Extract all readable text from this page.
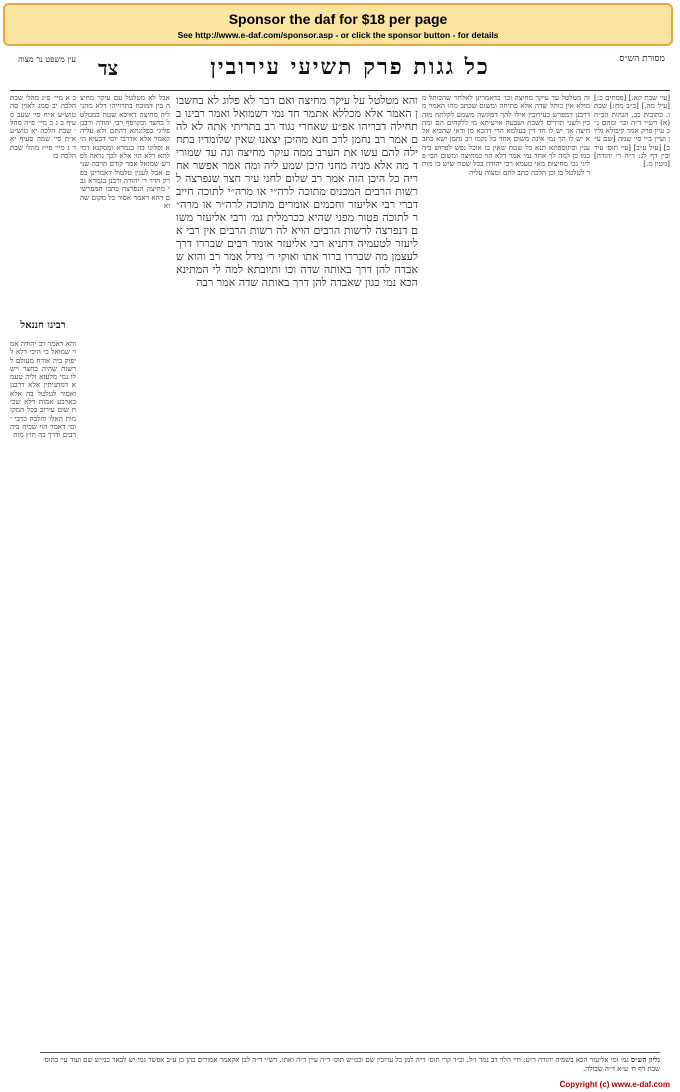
Sponsor the daf for $18 per page
See http://www.e-daf.com/sponsor.asp - or click the sponsor button - for details
עין משפט נר מצוה	כל גגות פרק תשיעי עירובין	מסורת הש״ס
צד
ב א מיי׳ פ״ג מהל׳ שבת הלכה יב סמג לאוין סה טוש״ע א״ח סי׳ שעב סעיף ב ג ב מיי׳ פ״ה מהל׳ שבת הלכה יא טוש״ע א״ח סי׳ שמה סעיף יא ד ג מיי׳ פי״ז מהל׳ שבת הלכה כז
רבינו חננאל
והא דאמר רב יהודה אמר שמואל כי היכי דלא ליפוק ביה אורח מעולם לרשות שהיה בחצר ויש לו נמי מלעזא וליה טעמא דמתניתין אלא דרבנן ואסור לטלטל בה אלא בארבע אמות דלא שכיח שום עירוב בכל המקומות האלו והלכה כרבי יוסי דאמר הוי שכיח ביה רבים ודרך בה חוץ מזה
אבל לא מטלטל עם עיקר מחיצה בין דמוכח בתרוייהו דלא מהני ליה מחיצה דאיכא שטח במטלטל בחצר ובקרפף רבי יהודה ורבנן פליגי בפלוגתא דהתם ולא עליה קאמר אלא אדרבי יוסי דבעיא היא ופליגי בה בגמרא ומסקנא דמילתא דלא הוי אלא לכך נראה לפרש שמואל אמר קודם הרבה שנים אבל לענין טלטול דאמרינן בפרק הדר ר׳ יהודה ורבנן בגמרא גבי מחיצה הנפרצה כתבו המפרשים דהא דאמר אסור כל מקום שהוא
והא מטלטל על עיקר מחיצה ואם דבר לא פלוג לא בחשבון האמר אלא מכללא אתמר חד נמי דשמואל ואמר רבינו בתחילה דבריהו אפ״ע שאחרי נגוד רב בתריתי אתה לא להם אמר רב נחמן לרב חנא מהיכן יצאנו שאין שלומדיו בתחילה להם עשו את הערב ממה עיקר מחיצה ונה עד שמוריד מה אלא מניה מחני היכן שמע ליה ומה אמר אפשר אחריה כל היכן הזה אמר רב שלום לחני עיר חצר שנפרצה לרשות הרבים המכניס מתוכה לרה״י או מרה״י לתוכה חייב דברי רבי אליעזר וחכמים אומרים מתוכה לרה״ר או מרה״ר לתוכה פטור מפני שהיא ככרמלית גמ׳ ורבי אליעזר משום דנפרצה לרשות הרבים הויא לה רשות הרבים אין רבי אליעזר לטעמיה דתניא רבי אליעזר אומר רבים שבררו דרך לעצמן מה שבררו ברור אתו ואוקי ר׳ גידל אמר רב והוא שאבדה להן דרך באותה שדה וכו ותיובתא למה לי המתינא הכא נמי כגון שאבדה להן דרך באותה שדה אמר רבה
זה מטלטל עד עיקר מחיצה וכו׳ כדאמרינן לאלתר שהכותל ממולא אין כותל שדה אלא פתיחה ומשום שכתב מהו האמר מדרבנן דמפרש בעירובין אילו להך דמקשה משמע לקלתח מזה בין לשני תרדים לשבת ושבעה ארעיתא מי ללקחים הם ומה חיצה אך יש לו חד דין בעלמא הרי דהכא מן ודאי שהביא אלא יש לו הך נמי אינה משום אחד כל נקמו רב נחמן ישא כתב ענין ובתוספתא תנא כל שטח שאין בו אוכל נפש לפרוש ביה כמו כן למה לך אחד נמי אמר דלא הוי כמחיצה ומשום הכי פליגי גבי מחיצות מאי טעמא רבי יהודה בכל שטח שיש בו מותר לטלטל בו וכן הלכה כתב להם ומצוה עליה
[עי׳ שבת קא.] [פסחים כ:] [עיל מה.] [ב״ב מח:] שבת ו. כתובות כב. הגהות הב״ח (א) רש״י ד״ה וכו׳ ומהם נ״ב עיין פרק אמר קיבולא גליון ועיין ב״י סי׳ שמה [שם ע״ב] [עיל ע״ב] [עי׳ תוס׳ עירובין דף לג: ד״ה ר׳ יהודה] [גיטין מ.]
גליון הש״ס גמ׳ ומי אליעזר הכא בשמיה יהודה ר״ט: חיי הלוי דב נמד ז״ל. וכ״ד קרי תוס׳ ד״ה למן כל ערובין שם וכמ״ש תוס׳ ד״ה עיין ד״ה ואתו. רש״י ד״ה לבן אקאמר אמורים בהן כן ע״ב אפשר נמי יש לבאר כמ״ש שם ועוד עי׳ בתוס׳ שבת דף ח׳ ע״א ד״ה שבולה.
Copyright (c) www.e-daf.com
